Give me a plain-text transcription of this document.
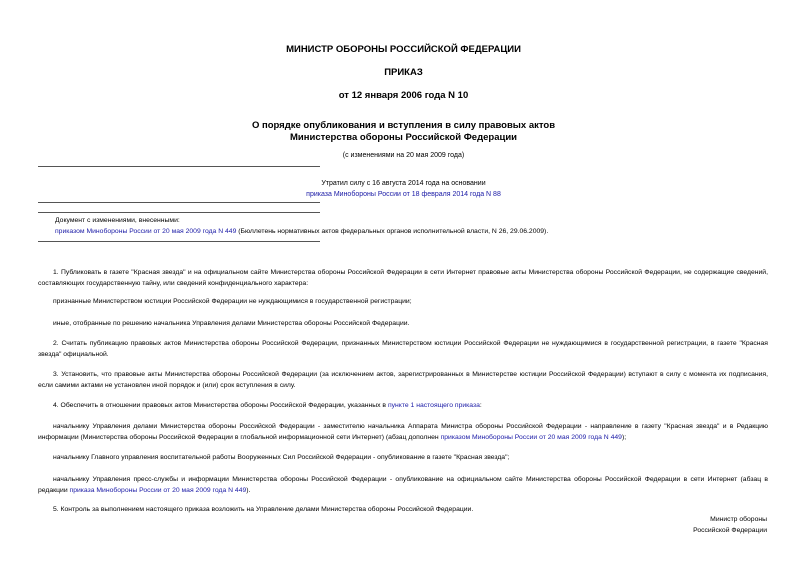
МИНИСТР ОБОРОНЫ РОССИЙСКОЙ ФЕДЕРАЦИИ
ПРИКАЗ
от 12 января 2006 года N 10
О порядке опубликования и вступления в силу правовых актов
Министерства обороны Российской Федерации
(с изменениями на 20 мая 2009 года)
Утратил силу с 16 августа 2014 года на основании
приказа Минобороны России от 18 февраля 2014 года N 88
Документ с изменениями, внесенными:
приказом Минобороны России от 20 мая 2009 года N 449 (Бюллетень нормативных актов федеральных органов исполнительной власти, N 26, 29.06.2009).
1. Публиковать в газете "Красная звезда" и на официальном сайте Министерства обороны Российской Федерации в сети Интернет правовые акты Министерства обороны Российской Федерации, не содержащие сведений, составляющих государственную тайну, или сведений конфиденциального характера:
признанные Министерством юстиции Российской Федерации не нуждающимися в государственной регистрации;
иные, отобранные по решению начальника Управления делами Министерства обороны Российской Федерации.
2. Считать публикацию правовых актов Министерства обороны Российской Федерации, признанных Министерством юстиции Российской Федерации не нуждающимися в государственной регистрации, в газете "Красная звезда" официальной.
3. Установить, что правовые акты Министерства обороны Российской Федерации (за исключением актов, зарегистрированных в Министерстве юстиции Российской Федерации) вступают в силу с момента их подписания, если самими актами не установлен иной порядок и (или) срок вступления в силу.
4. Обеспечить в отношении правовых актов Министерства обороны Российской Федерации, указанных в пункте 1 настоящего приказа:
начальнику Управления делами Министерства обороны Российской Федерации - заместителю начальника Аппарата Министра обороны Российской Федерации - направление в газету "Красная звезда" и в Редакцию информации (Министерства обороны Российской Федерации в глобальной информационной сети Интернет) (абзац дополнен приказом Минобороны России от 20 мая 2009 года N 449);
начальнику Главного управления воспитательной работы Вооруженных Сил Российской Федерации - опубликование в газете "Красная звезда";
начальнику Управления пресс-службы и информации Министерства обороны Российской Федерации - опубликование на официальном сайте Министерства обороны Российской Федерации в сети Интернет (абзац в редакции приказа Минобороны России от 20 мая 2009 года N 449).
5. Контроль за выполнением настоящего приказа возложить на Управление делами Министерства обороны Российской Федерации.
Министр обороны
Российской Федерации
